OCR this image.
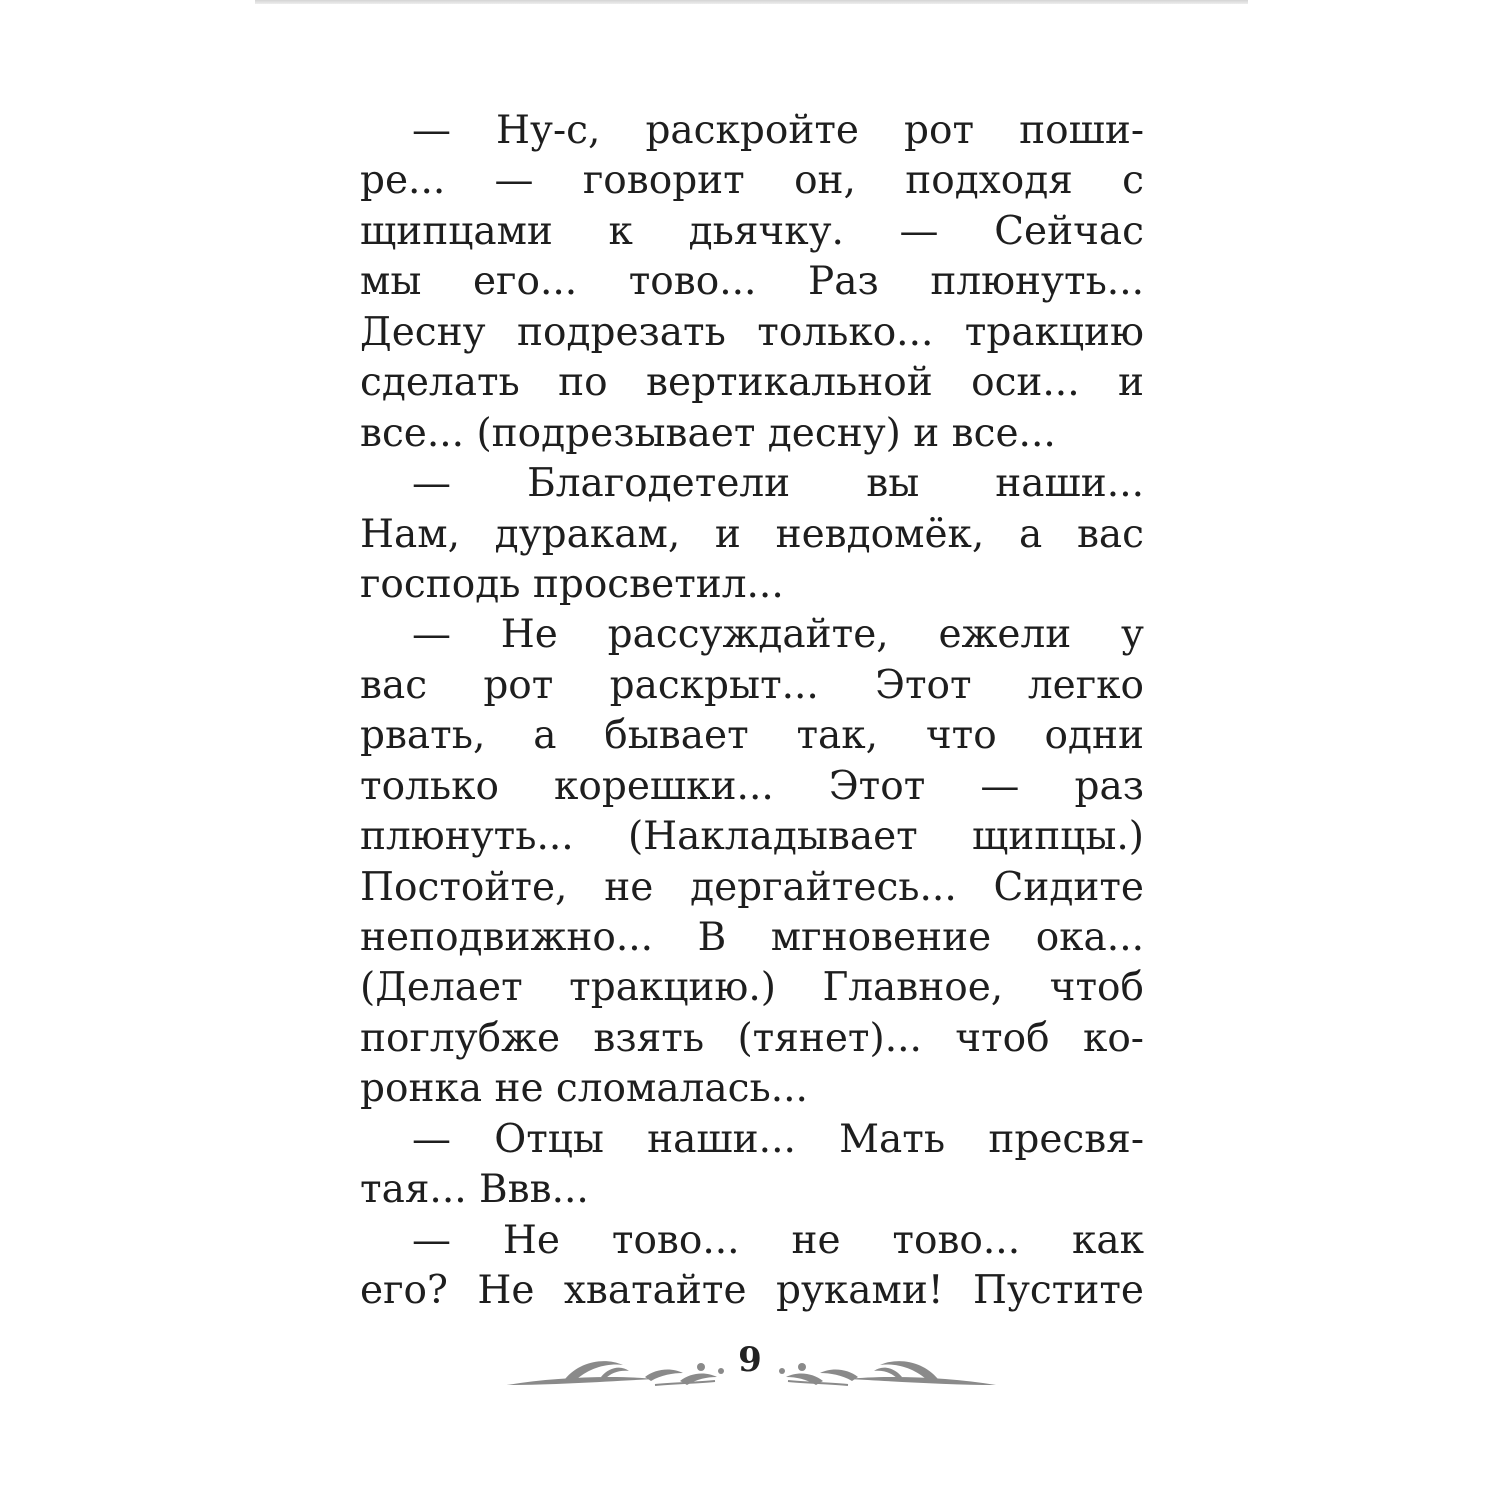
— Ну-с, раскройте рот поши-
ре... — говорит он, подходя с
щипцами к дьячку. — Сейчас
мы его... тово... Раз плюнуть...
Десну подрезать только... тракцию
сделать по вертикальной оси... и
все... (подрезывает десну) и все...
— Благодетели вы наши...
Нам, дуракам, и невдомёк, а вас
господь просветил...
— Не рассуждайте, ежели у
вас рот раскрыт... Этот легко
рвать, а бывает так, что одни
только корешки... Этот — раз
плюнуть... (Накладывает щипцы.)
Постойте, не дергайтесь... Сидите
неподвижно... В мгновение ока...
(Делает тракцию.) Главное, чтоб
поглубже взять (тянет)... чтоб ко-
ронка не сломалась...
— Отцы наши... Мать пресвя-
тая... Ввв...
— Не тово... не тово... как
его? Не хватайте руками! Пустите
9
